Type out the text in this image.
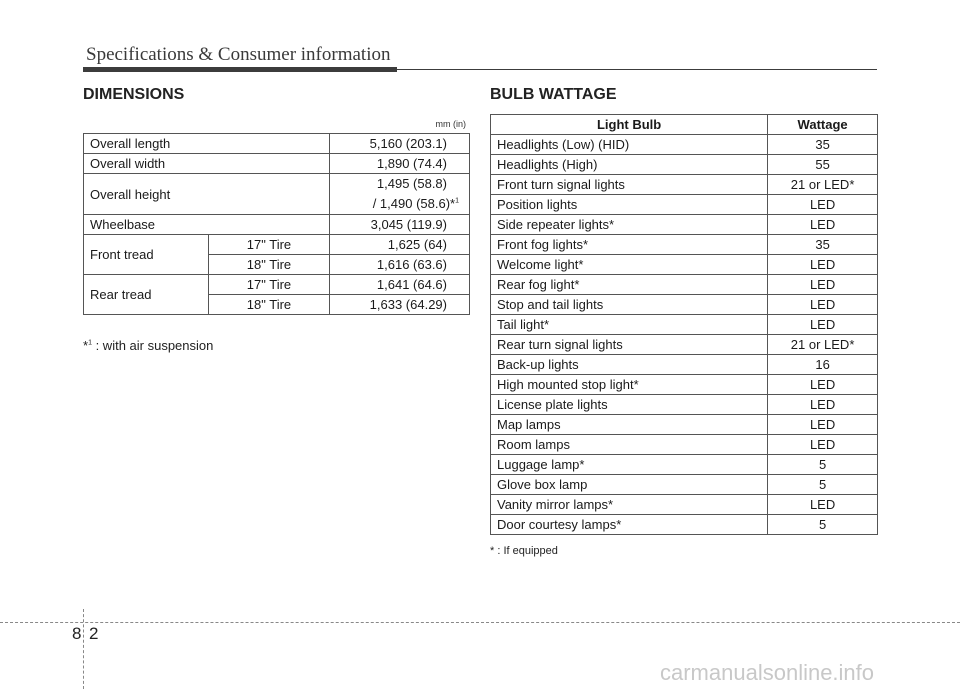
Specifications & Consumer information
DIMENSIONS
mm (in)
Overall length		5,160 (203.1)
Overall width		1,890 (74.4)
Overall height		1,495 (58.8)
/ 1,490 (58.6)*$^1$

Wheelbase		3,045 (119.9)
Front tread	17" Tire	1,625 (64)
	18" Tire	1,616 (63.6)
Rear tread	17" Tire	1,641 (64.6)
	18" Tire	1,633 (64.29)
*$^1$ : with air suspension
BULB WATTAGE
Light Bulb	Wattage
Headlights (Low) (HID)	35
Headlights (High)	55
Front turn signal lights	21 or LED*
Position lights	LED
Side repeater lights*	LED
Front fog lights*	35
Welcome light*	LED
Rear fog light*	LED
Stop and tail lights	LED
Tail light*	LED
Rear turn signal lights	21 or LED*
Back-up lights	16
High mounted stop light*	LED
License plate lights	LED
Map lamps	LED
Room lamps	LED
Luggage lamp*	5
Glove box lamp	5
Vanity mirror lamps*	LED
Door courtesy lamps*	5
* : If equipped
8 2
carmanualsonline.info
